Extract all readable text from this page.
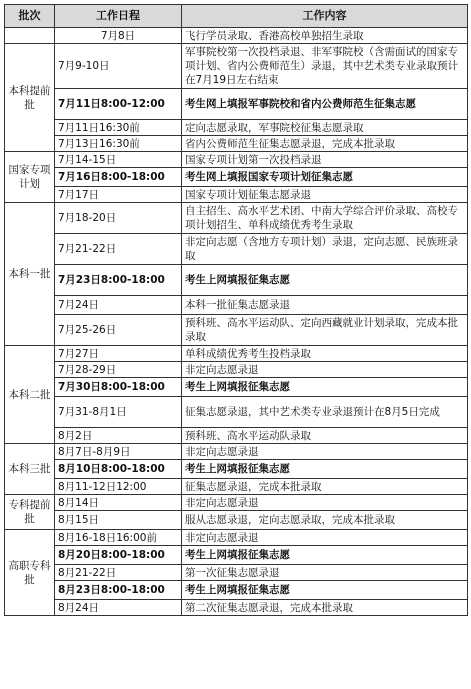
批次	工作日程	工作内容
	7月8日	飞行学员录取、香港高校单独招生录取
本科提前批	7月9-10日	军事院校第一次投档录退、非军事院校（含需面试的国家专项计划、省内公费师范生）录退，其中艺术类专业录取预计在7月19日左右结束
	7月11日8:00-12:00	考生网上填报军事院校和省内公费师范生征集志愿
	7月11日16:30前	定向志愿录取，军事院校征集志愿录取
	7月13日16:30前	省内公费师范生征集志愿录退，完成本批录取
国家专项计划	7月14-15日	国家专项计划第一次投档录退
	7月16日8:00-18:00	考生网上填报国家专项计划征集志愿
	7月17日	国家专项计划征集志愿录退
本科一批	7月18-20日	自主招生、高水平艺术团、中南大学综合评价录取、高校专项计划招生、单科成绩优秀考生录取
	7月21-22日	非定向志愿（含地方专项计划）录退，定向志愿、民族班录取
	7月23日8:00-18:00	考生上网填报征集志愿
	7月24日	本科一批征集志愿录退
	7月25-26日	预科班、高水平运动队、定向西藏就业计划录取，完成本批录取
本科二批	7月27日	单科成绩优秀考生投档录取
	7月28-29日	非定向志愿录退
	7月30日8:00-18:00	考生上网填报征集志愿
	7月31-8月1日	征集志愿录退，其中艺术类专业录退预计在8月5日完成
	8月2日	预科班、高水平运动队录取
本科三批	8月7日-8月9日	非定向志愿录退
	8月10日8:00-18:00	考生上网填报征集志愿
	8月11-12日12:00	征集志愿录退，完成本批录取
专科提前批	8月14日	非定向志愿录退
	8月15日	服从志愿录退，定向志愿录取，完成本批录取
高职专科批	8月16-18日16:00前	非定向志愿录退
	8月20日8:00-18:00	考生上网填报征集志愿
	8月21-22日	第一次征集志愿录退
	8月23日8:00-18:00	考生上网填报征集志愿
	8月24日	第二次征集志愿录退，完成本批录取
